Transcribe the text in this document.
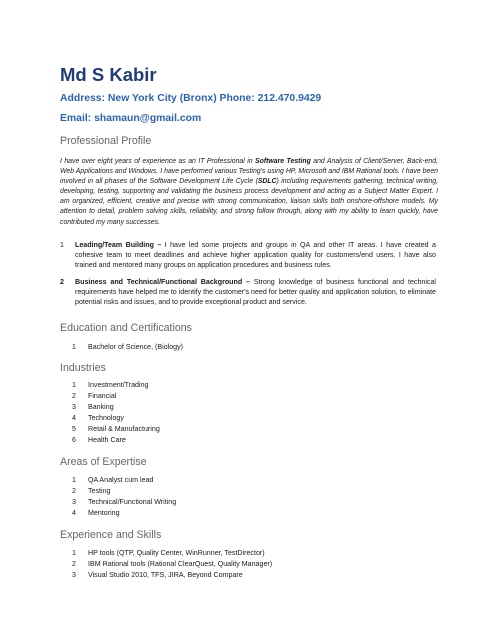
Md S Kabir
Address: New York City (Bronx) Phone: 212.470.9429
Email: shamaun@gmail.com
Professional Profile
I have over eight years of experience as an IT Professional in Software Testing and Analysis of Client/Server, Back-end, Web Applications and Windows. I have performed various Testing's using HP, Microsoft and IBM Rational tools. I have been involved in all phases of the Software Development Life Cycle (SDLC) including requirements gathering, technical writing, developing, testing, supporting and validating the business process development and acting as a Subject Matter Expert. I am organized, efficient, creative and precise with strong communication, liaison skills both onshore-offshore models. My attention to detail, problem solving skills, reliability, and strong follow through, along with my ability to learn quickly, have contributed my many successes.
1 Leading/Team Building – I have led some projects and groups in QA and other IT areas. I have created a cohesive team to meet deadlines and achieve higher application quality for customers/end users. I have also trained and mentored many groups on application procedures and business rules.
2 Business and Technical/Functional Background – Strong knowledge of business functional and technical requirements have helped me to identify the customer's need for better quality and application solution, to eliminate potential risks and issues, and to provide exceptional product and service.
Education and Certifications
1 Bachelor of Science, (Biology)
Industries
1 Investment/Trading
2 Financial
3 Banking
4 Technology
5 Retail & Manufacturing
6 Health Care
Areas of Expertise
1 QA Analyst cum lead
2 Testing
3 Technical/Functional Writing
4 Mentoring
Experience and Skills
1 HP tools (QTP, Quality Center, WinRunner, TestDirector)
2 IBM Rational tools (Rational ClearQuest, Quality Manager)
3 Visual Studio 2010, TFS, JIRA, Beyond Compare
